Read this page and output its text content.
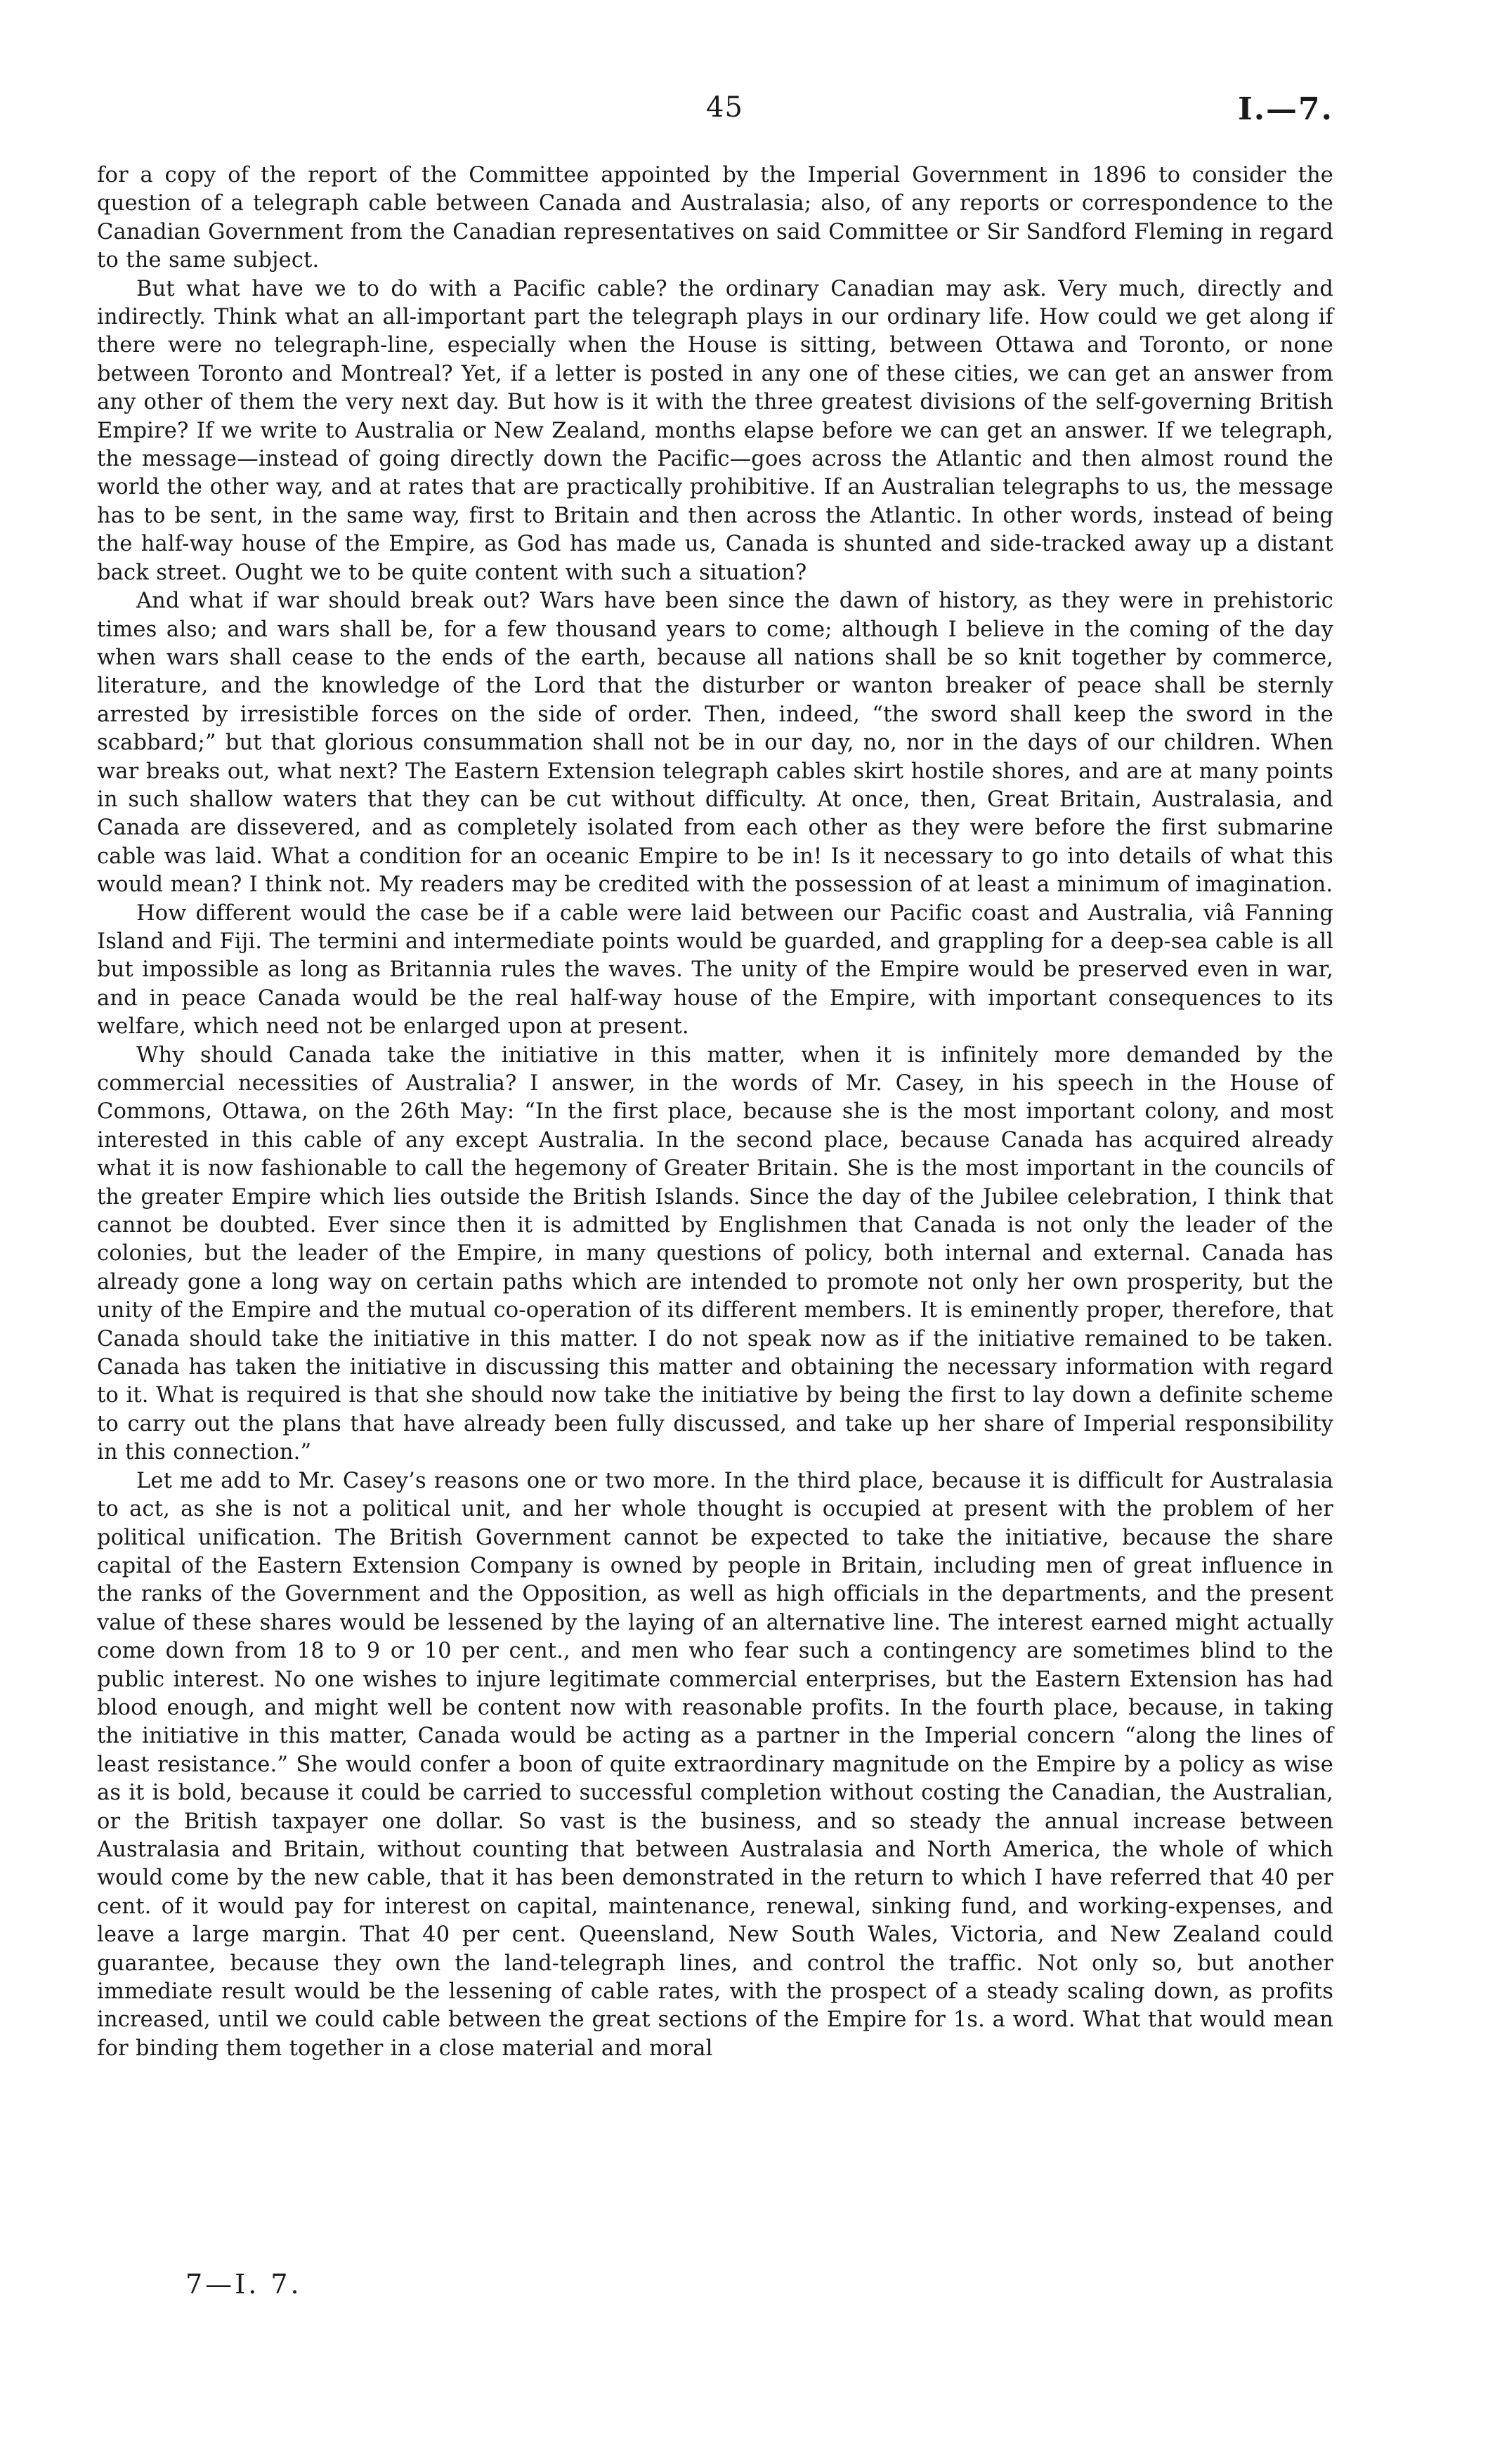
45	I.—7.

for a copy of the report of the Committee appointed by the Imperial Government in 1896 to consider the question of a telegraph cable between Canada and Australasia; also, of any reports or correspondence to the Canadian Government from the Canadian representatives on said Committee or Sir Sandford Fleming in regard to the same subject.

But what have we to do with a Pacific cable? the ordinary Canadian may ask. Very much, directly and indirectly. Think what an all-important part the telegraph plays in our ordinary life. How could we get along if there were no telegraph-line, especially when the House is sitting, between Ottawa and Toronto, or none between Toronto and Montreal? Yet, if a letter is posted in any one of these cities, we can get an answer from any other of them the very next day. But how is it with the three greatest divisions of the self-governing British Empire? If we write to Australia or New Zealand, months elapse before we can get an answer. If we telegraph, the message—instead of going directly down the Pacific—goes across the Atlantic and then almost round the world the other way, and at rates that are practically prohibitive. If an Australian telegraphs to us, the message has to be sent, in the same way, first to Britain and then across the Atlantic. In other words, instead of being the half-way house of the Empire, as God has made us, Canada is shunted and side-tracked away up a distant back street. Ought we to be quite content with such a situation?

And what if war should break out? Wars have been since the dawn of history, as they were in prehistoric times also; and wars shall be, for a few thousand years to come; although I believe in the coming of the day when wars shall cease to the ends of the earth, because all nations shall be so knit together by commerce, literature, and the knowledge of the Lord that the disturber or wanton breaker of peace shall be sternly arrested by irresistible forces on the side of order. Then, indeed, “the sword shall keep the sword in the scabbard;” but that glorious consummation shall not be in our day, no, nor in the days of our children. When war breaks out, what next? The Eastern Extension telegraph cables skirt hostile shores, and are at many points in such shallow waters that they can be cut without difficulty. At once, then, Great Britain, Australasia, and Canada are dissevered, and as completely isolated from each other as they were before the first submarine cable was laid. What a condition for an oceanic Empire to be in! Is it necessary to go into details of what this would mean? I think not. My readers may be credited with the possession of at least a minimum of imagination.

How different would the case be if a cable were laid between our Pacific coast and Australia, viâ Fanning Island and Fiji. The termini and intermediate points would be guarded, and grappling for a deep-sea cable is all but impossible as long as Britannia rules the waves. The unity of the Empire would be preserved even in war, and in peace Canada would be the real half-way house of the Empire, with important consequences to its welfare, which need not be enlarged upon at present.

Why should Canada take the initiative in this matter, when it is infinitely more demanded by the commercial necessities of Australia? I answer, in the words of Mr. Casey, in his speech in the House of Commons, Ottawa, on the 26th May: “In the first place, because she is the most important colony, and most interested in this cable of any except Australia. In the second place, because Canada has acquired already what it is now fashionable to call the hegemony of Greater Britain. She is the most important in the councils of the greater Empire which lies outside the British Islands. Since the day of the Jubilee celebration, I think that cannot be doubted. Ever since then it is admitted by Englishmen that Canada is not only the leader of the colonies, but the leader of the Empire, in many questions of policy, both internal and external. Canada has already gone a long way on certain paths which are intended to promote not only her own prosperity, but the unity of the Empire and the mutual co-operation of its different members. It is eminently proper, therefore, that Canada should take the initiative in this matter. I do not speak now as if the initiative remained to be taken. Canada has taken the initiative in discussing this matter and obtaining the necessary information with regard to it. What is required is that she should now take the initiative by being the first to lay down a definite scheme to carry out the plans that have already been fully discussed, and take up her share of Imperial responsibility in this connection.”

Let me add to Mr. Casey’s reasons one or two more. In the third place, because it is difficult for Australasia to act, as she is not a political unit, and her whole thought is occupied at present with the problem of her political unification. The British Government cannot be expected to take the initiative, because the share capital of the Eastern Extension Company is owned by people in Britain, including men of great influence in the ranks of the Government and the Opposition, as well as high officials in the departments, and the present value of these shares would be lessened by the laying of an alternative line. The interest earned might actually come down from 18 to 9 or 10 per cent., and men who fear such a contingency are sometimes blind to the public interest. No one wishes to injure legitimate commercial enterprises, but the Eastern Extension has had blood enough, and might well be content now with reasonable profits. In the fourth place, because, in taking the initiative in this matter, Canada would be acting as a partner in the Imperial concern “along the lines of least resistance.” She would confer a boon of quite extraordinary magnitude on the Empire by a policy as wise as it is bold, because it could be carried to successful completion without costing the Canadian, the Australian, or the British taxpayer one dollar. So vast is the business, and so steady the annual increase between Australasia and Britain, without counting that between Australasia and North America, the whole of which would come by the new cable, that it has been demonstrated in the return to which I have referred that 40 per cent. of it would pay for interest on capital, maintenance, renewal, sinking fund, and working-expenses, and leave a large margin. That 40 per cent. Queensland, New South Wales, Victoria, and New Zealand could guarantee, because they own the land-telegraph lines, and control the traffic. Not only so, but another immediate result would be the lessening of cable rates, with the prospect of a steady scaling down, as profits increased, until we could cable between the great sections of the Empire for 1s. a word. What that would mean for binding them together in a close material and moral

7—I. 7.
